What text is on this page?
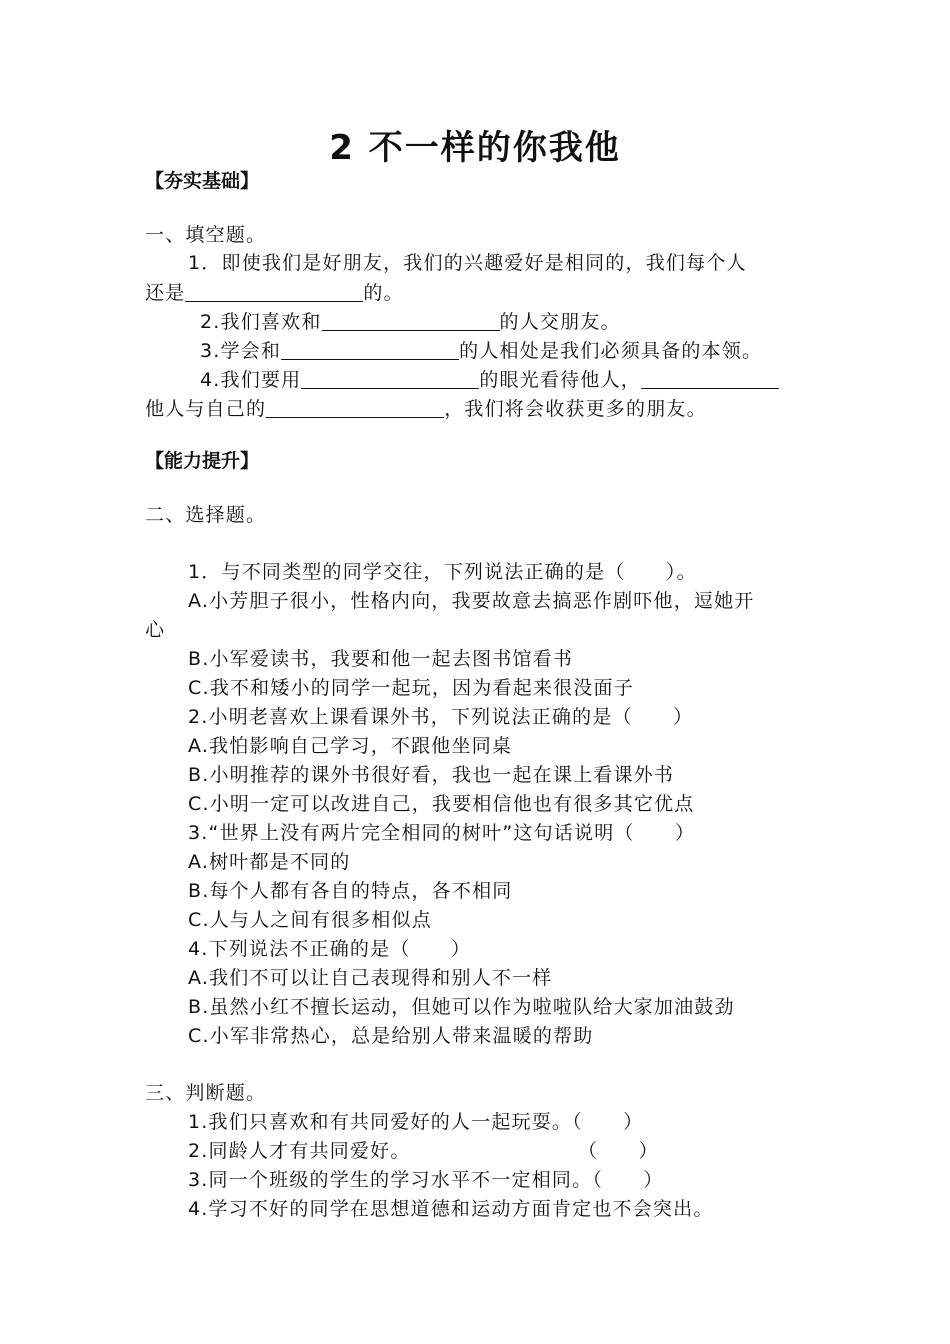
2 不一样的你我他
【夯实基础】
一、填空题。
1．即使我们是好朋友，我们的兴趣爱好是相同的，我们每个人
还是	的。
2.我们喜欢和	的人交朋友。
3.学会和	的人相处是我们必须具备的本领。
4.我们要用	的眼光看待他人，
他人与自己的	，我们将会收获更多的朋友。
【能力提升】
二、选择题。
1．与不同类型的同学交往，下列说法正确的是（　　）。
A.小芳胆子很小，性格内向，我要故意去搞恶作剧吓他，逗她开
心
B.小军爱读书，我要和他一起去图书馆看书
C.我不和矮小的同学一起玩，因为看起来很没面子
2.小明老喜欢上课看课外书，下列说法正确的是（　　）
A.我怕影响自己学习，不跟他坐同桌
B.小明推荐的课外书很好看，我也一起在课上看课外书
C.小明一定可以改进自己，我要相信他也有很多其它优点
3.“世界上没有两片完全相同的树叶”这句话说明（　　）
A.树叶都是不同的
B.每个人都有各自的特点，各不相同
C.人与人之间有很多相似点
4.下列说法不正确的是（　　）
A.我们不可以让自己表现得和别人不一样
B.虽然小红不擅长运动，但她可以作为啦啦队给大家加油鼓劲
C.小军非常热心，总是给别人带来温暖的帮助
三、判断题。
1.我们只喜欢和有共同爱好的人一起玩耍。（　　）
2.同龄人才有共同爱好。	（　　）
3.同一个班级的学生的学习水平不一定相同。（　　）
4.学习不好的同学在思想道德和运动方面肯定也不会突出。
